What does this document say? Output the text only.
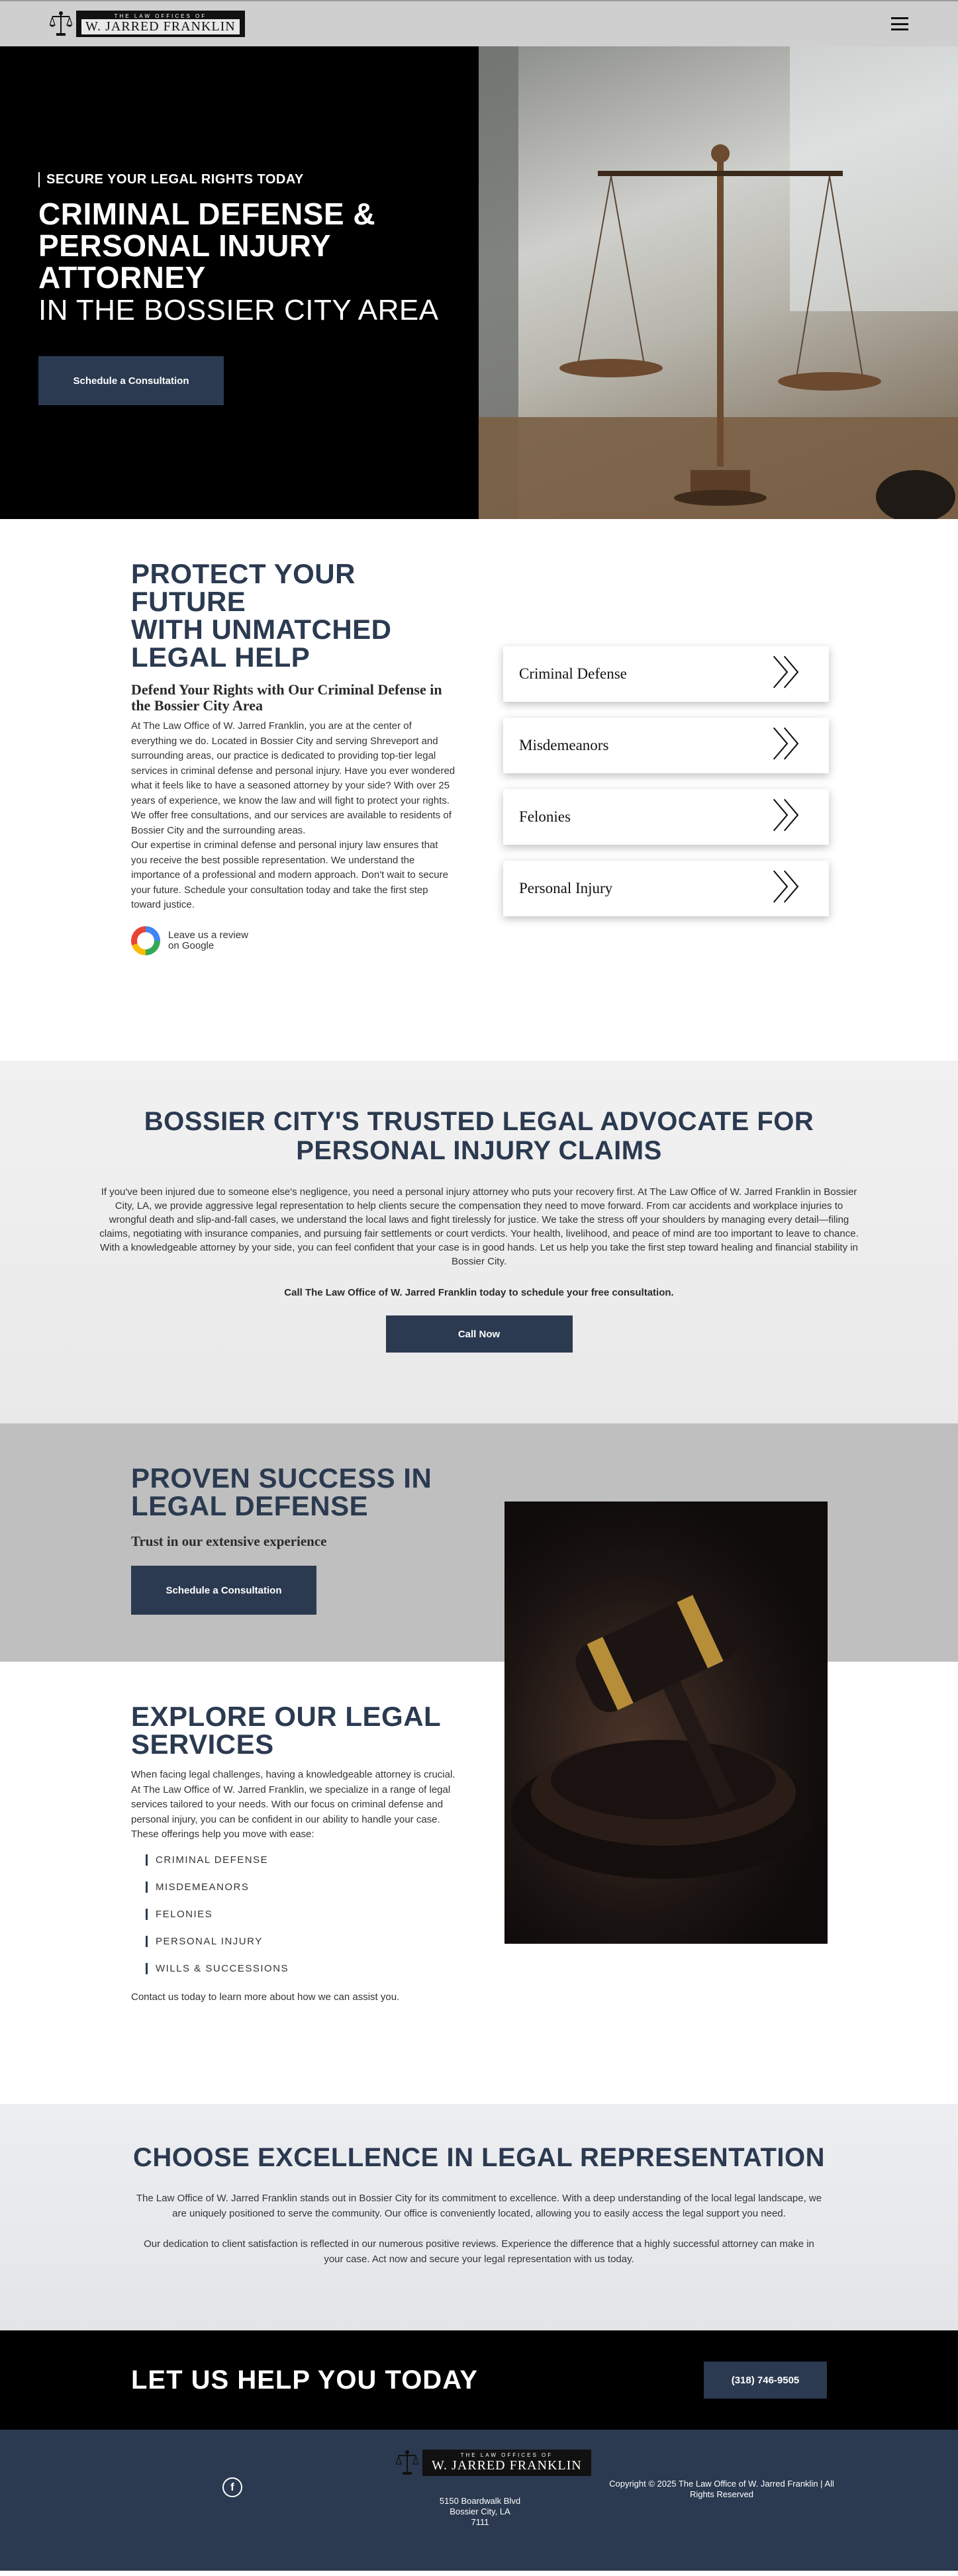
THE LAW OFFICES OF
W. JARRED FRANKLIN
SECURE YOUR LEGAL RIGHTS TODAY
CRIMINAL DEFENSE & PERSONAL INJURY ATTORNEY
IN THE BOSSIER CITY AREA
Schedule a Consultation
PROTECT YOUR FUTURE
WITH UNMATCHED
LEGAL HELP
Defend Your Rights with Our Criminal Defense in the Bossier City Area

At The Law Office of W. Jarred Franklin, you are at the center of everything we do. Located in Bossier City and serving Shreveport and surrounding areas, our practice is dedicated to providing top-tier legal services in criminal defense and personal injury. Have you ever wondered what it feels like to have a seasoned attorney by your side? With over 25 years of experience, we know the law and will fight to protect your rights. We offer free consultations, and our services are available to residents of Bossier City and the surrounding areas.

Our expertise in criminal defense and personal injury law ensures that you receive the best possible representation. We understand the importance of a professional and modern approach. Don't wait to secure your future. Schedule your consultation today and take the first step toward justice.

Leave us a review
on Google
Criminal Defense	〉〉
Misdemeanors	〉〉
Felonies	〉〉
Personal Injury	〉〉
BOSSIER CITY'S TRUSTED LEGAL ADVOCATE FOR
PERSONAL INJURY CLAIMS

If you've been injured due to someone else's negligence, you need a personal injury attorney who puts your recovery first. At The Law Office of W. Jarred Franklin in Bossier City, LA, we provide aggressive legal representation to help clients secure the compensation they need to move forward. From car accidents and workplace injuries to wrongful death and slip-and-fall cases, we understand the local laws and fight tirelessly for justice. We take the stress off your shoulders by managing every detail—filing claims, negotiating with insurance companies, and pursuing fair settlements or court verdicts. Your health, livelihood, and peace of mind are too important to leave to chance. With a knowledgeable attorney by your side, you can feel confident that your case is in good hands. Let us help you take the first step toward healing and financial stability in Bossier City.

Call The Law Office of W. Jarred Franklin today to schedule your free consultation.

Call Now
PROVEN SUCCESS IN
LEGAL DEFENSE

Trust in our extensive experience

Schedule a Consultation
EXPLORE OUR LEGAL
SERVICES

When facing legal challenges, having a knowledgeable attorney is crucial. At The Law Office of W. Jarred Franklin, we specialize in a range of legal services tailored to your needs. With our focus on criminal defense and personal injury, you can be confident in our ability to handle your case. These offerings help you move with ease:

CRIMINAL DEFENSE
MISDEMEANORS
FELONIES
PERSONAL INJURY
WILLS & SUCCESSIONS

Contact us today to learn more about how we can assist you.

CHOOSE EXCELLENCE IN LEGAL REPRESENTATION

The Law Office of W. Jarred Franklin stands out in Bossier City for its commitment to excellence. With a deep understanding of the local legal landscape, we are uniquely positioned to serve the community. Our office is conveniently located, allowing you to easily access the legal support you need.

Our dedication to client satisfaction is reflected in our numerous positive reviews. Experience the difference that a highly successful attorney can make in your case. Act now and secure your legal representation with us today.

LET US HELP YOU TODAY	(318) 746-9505
f
THE LAW OFFICES OF
W. JARRED FRANKLIN
5150 Boardwalk Blvd
Bossier City, LA
7111
Copyright © 2025 The Law Office of W. Jarred Franklin | All Rights Reserved
